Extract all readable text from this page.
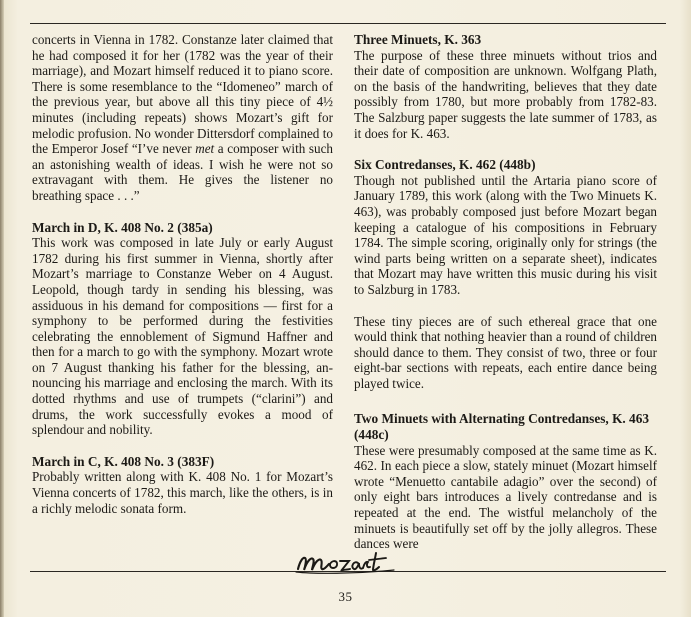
concerts in Vienna in 1782. Constanze later claimed that he had composed it for her (1782 was the year of their marriage), and Mozart himself reduced it to piano score. There is some resemblance to the “Idomeneo” march of the previous year, but above all this tiny piece of 4½ minutes (including repeats) shows Mozart’s gift for melodic profusion. No wonder Dittersdorf complained to the Emperor Josef “I’ve never met a composer with such an astonishing wealth of ideas. I wish he were not so extravagant with them. He gives the listener no breathing space . . .”

March in D, K. 408 No. 2 (385a)

This work was composed in late July or early August 1782 during his first summer in Vienna, shortly after Mozart’s marriage to Constanze Weber on 4 August. Leopold, though tardy in sending his blessing, was assiduous in his demand for compositions — first for a symphony to be performed during the festivities celebrating the ennoblement of Sigmund Haffner and then for a march to go with the symphony. Mozart wrote on 7 August thanking his father for the blessing, announcing his marriage and enclosing the march. With its dotted rhythms and use of trumpets (“clarini”) and drums, the work successfully evokes a mood of splendour and nobility.

March in C, K. 408 No. 3 (383F)

Probably written along with K. 408 No. 1 for Mozart’s Vienna concerts of 1782, this march, like the others, is in a richly melodic sonata form.

Three Minuets, K. 363

The purpose of these three minuets without trios and their date of composition are unknown. Wolfgang Plath, on the basis of the handwriting, believes that they date possibly from 1780, but more probably from 1782-83. The Salzburg paper suggests the late summer of 1783, as it does for K. 463.

Six Contredanses, K. 462 (448b)

Though not published until the Artaria piano score of January 1789, this work (along with the Two Minuets K. 463), was probably composed just before Mozart began keeping a catalogue of his compositions in February 1784. The simple scoring, originally only for strings (the wind parts being written on a separate sheet), indicates that Mozart may have written this music during his visit to Salzburg in 1783.

These tiny pieces are of such ethereal grace that one would think that nothing heavier than a round of children should dance to them. They consist of two, three or four eight-bar sections with repeats, each entire dance being played twice.

Two Minuets with Alternating Contredanses, K. 463 (448c)

These were presumably composed at the same time as K. 462. In each piece a slow, stately minuet (Mozart himself wrote “Menuetto cantabile adagio” over the second) of only eight bars introduces a lively contredanse and is repeated at the end. The wistful melancholy of the minuets is beautifully set off by the jolly allegros. These dances were

35
